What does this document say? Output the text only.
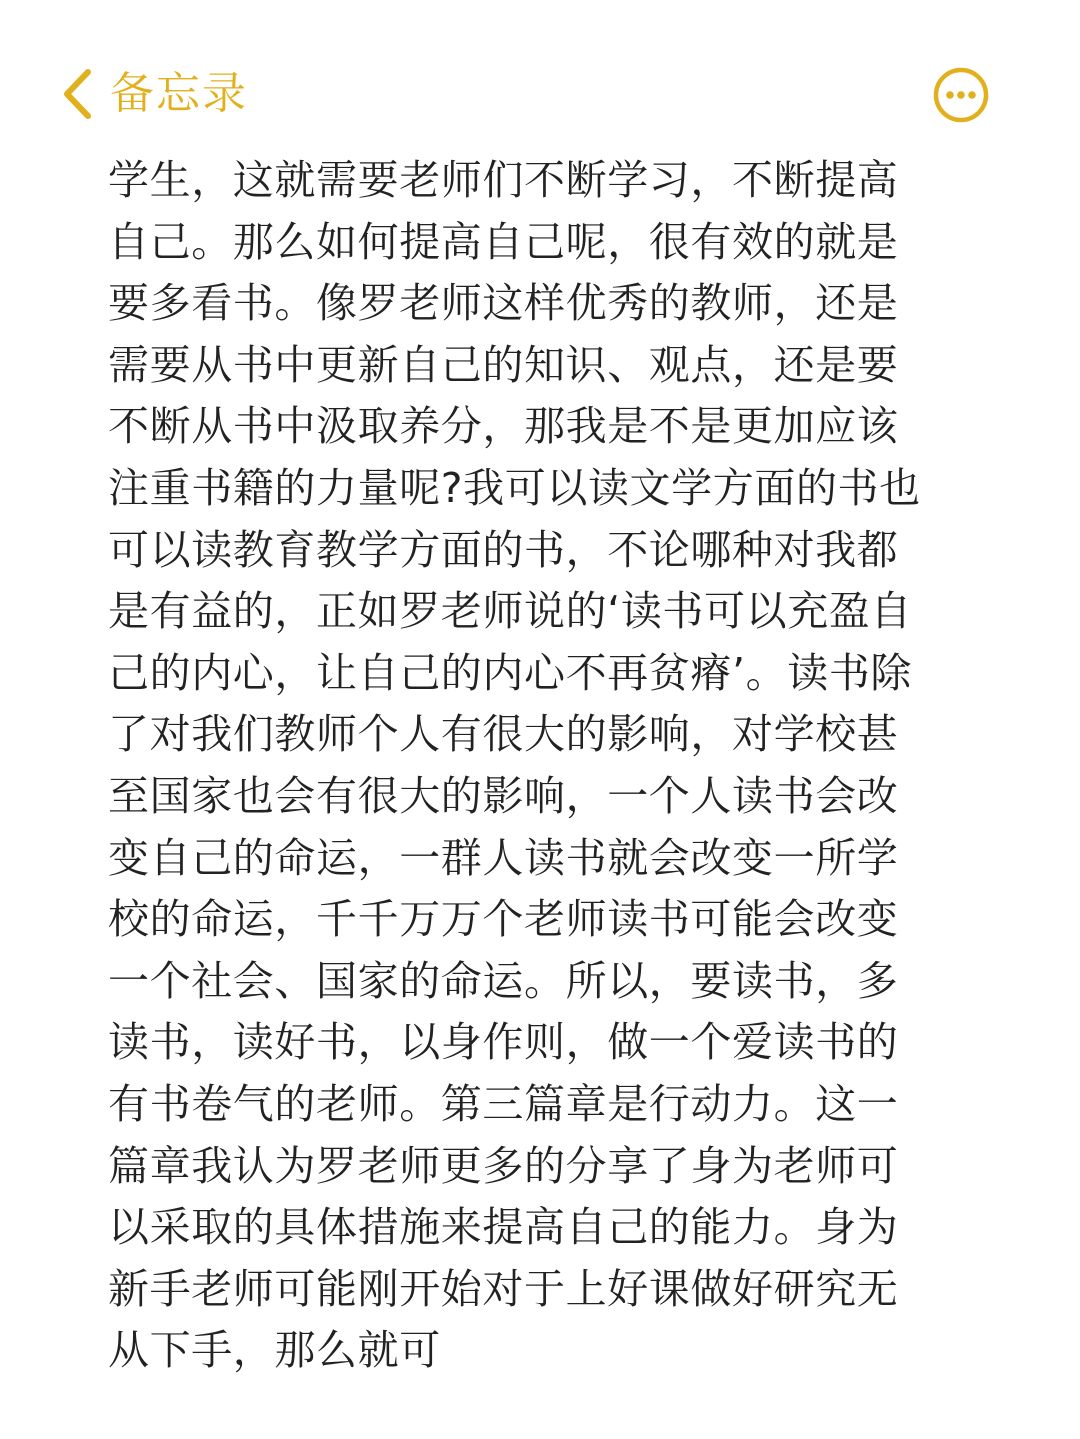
备忘录
学生，这就需要老师们不断学习，不断提高
自己。那么如何提高自己呢，很有效的就是
要多看书。像罗老师这样优秀的教师，还是
需要从书中更新自己的知识、观点，还是要
不断从书中汲取养分，那我是不是更加应该
注重书籍的力量呢?我可以读文学方面的书也
可以读教育教学方面的书，不论哪种对我都
是有益的，正如罗老师说的‘读书可以充盈自
己的内心，让自己的内心不再贫瘠’。读书除
了对我们教师个人有很大的影响，对学校甚
至国家也会有很大的影响，一个人读书会改
变自己的命运，一群人读书就会改变一所学
校的命运，千千万万个老师读书可能会改变
一个社会、国家的命运。所以，要读书，多
读书，读好书，以身作则，做一个爱读书的
有书卷气的老师。第三篇章是行动力。这一
篇章我认为罗老师更多的分享了身为老师可
以采取的具体措施来提高自己的能力。身为
新手老师可能刚开始对于上好课做好研究无
从下手，那么就可
